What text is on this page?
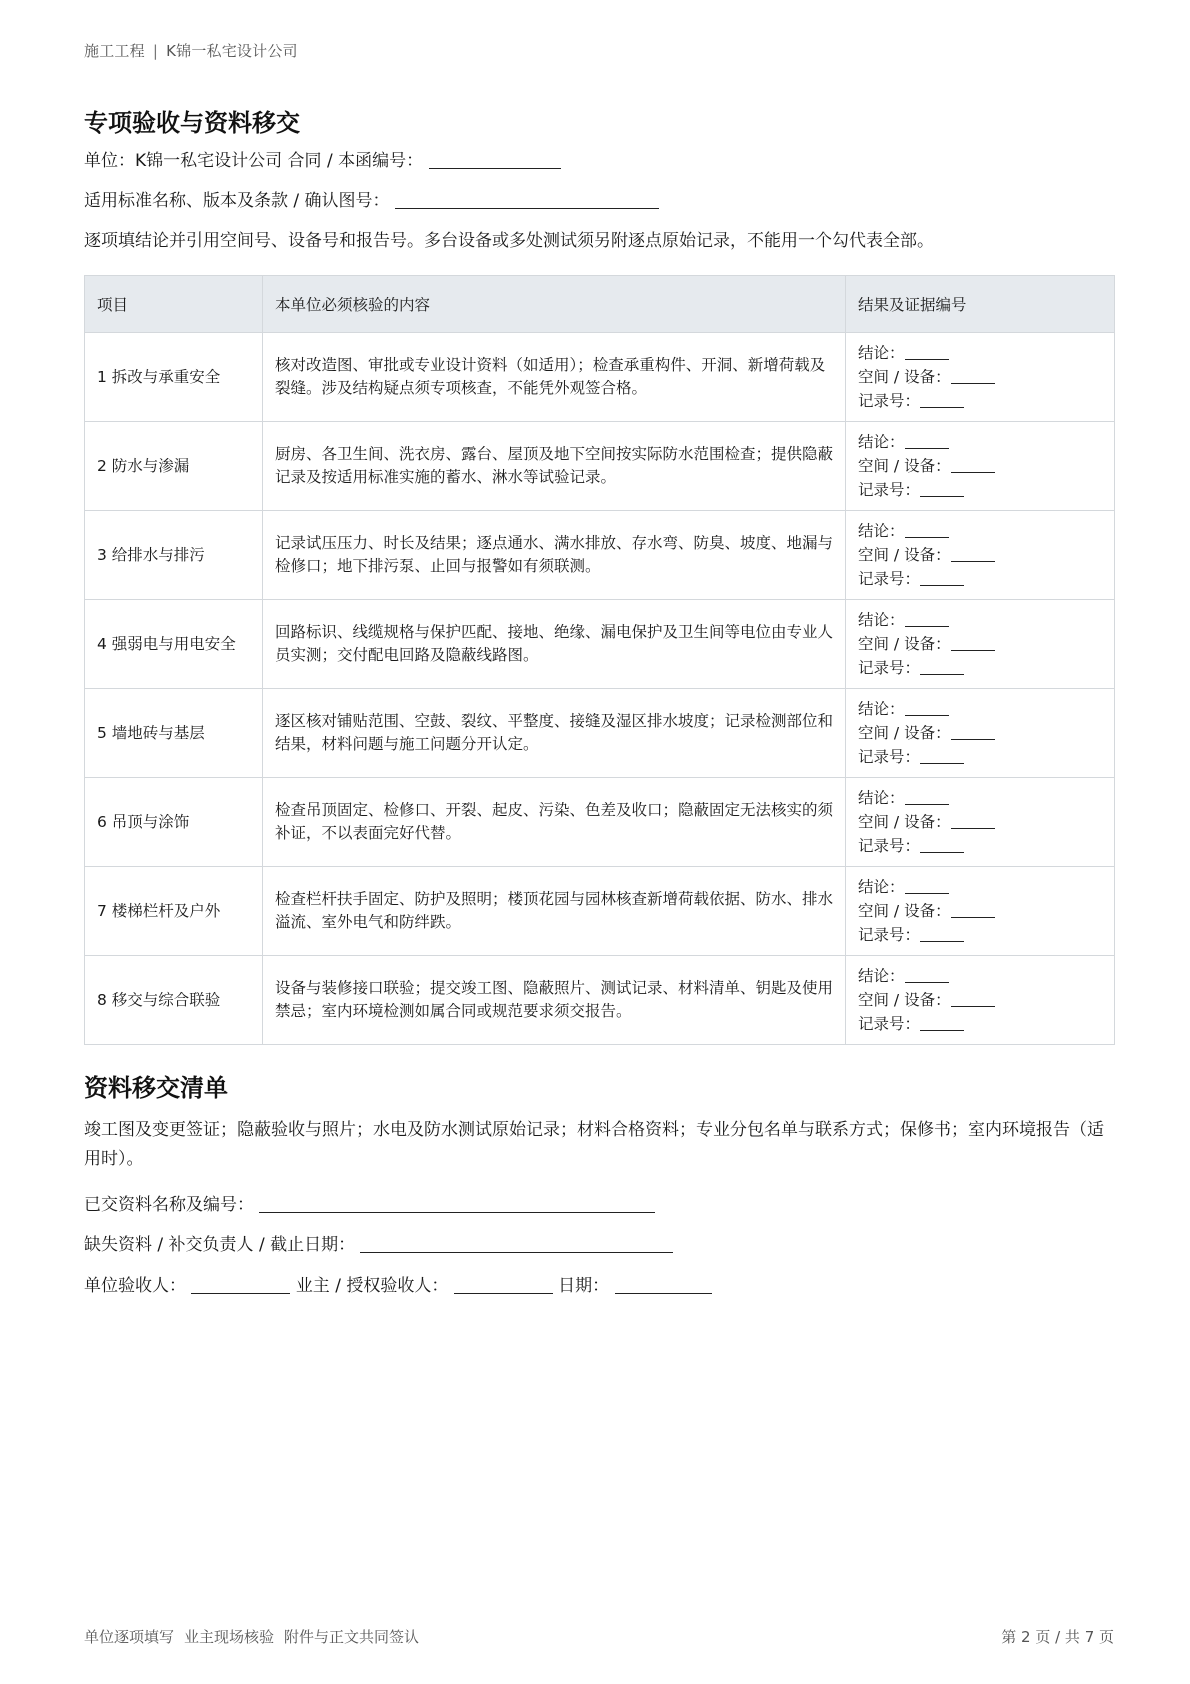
施工工程 | K锦一私宅设计公司
专项验收与资料移交
单位：K锦一私宅设计公司 合同 / 本函编号：
适用标准名称、版本及条款 / 确认图号：
逐项填结论并引用空间号、设备号和报告号。多台设备或多处测试须另附逐点原始记录，不能用一个勾代表全部。
项目	本单位必须核验的内容	结果及证据编号
1 拆改与承重安全	核对改造图、审批或专业设计资料（如适用）；检查承重构件、开洞、新增荷载及裂缝。涉及结构疑点须专项核查，不能凭外观签合格。	结论：
空间 / 设备：
记录号：

2 防水与渗漏	厨房、各卫生间、洗衣房、露台、屋顶及地下空间按实际防水范围检查；提供隐蔽记录及按适用标准实施的蓄水、淋水等试验记录。	结论：
空间 / 设备：
记录号：

3 给排水与排污	记录试压压力、时长及结果；逐点通水、满水排放、存水弯、防臭、坡度、地漏与检修口；地下排污泵、止回与报警如有须联测。	结论：
空间 / 设备：
记录号：

4 强弱电与用电安全	回路标识、线缆规格与保护匹配、接地、绝缘、漏电保护及卫生间等电位由专业人员实测；交付配电回路及隐蔽线路图。	结论：
空间 / 设备：
记录号：

5 墙地砖与基层	逐区核对铺贴范围、空鼓、裂纹、平整度、接缝及湿区排水坡度；记录检测部位和结果，材料问题与施工问题分开认定。	结论：
空间 / 设备：
记录号：

6 吊顶与涂饰	检查吊顶固定、检修口、开裂、起皮、污染、色差及收口；隐蔽固定无法核实的须补证，不以表面完好代替。	结论：
空间 / 设备：
记录号：

7 楼梯栏杆及户外	检查栏杆扶手固定、防护及照明；楼顶花园与园林核查新增荷载依据、防水、排水溢流、室外电气和防绊跌。	结论：
空间 / 设备：
记录号：

8 移交与综合联验	设备与装修接口联验；提交竣工图、隐蔽照片、测试记录、材料清单、钥匙及使用禁忌；室内环境检测如属合同或规范要求须交报告。	结论：
空间 / 设备：
记录号：
资料移交清单
竣工图及变更签证；隐蔽验收与照片；水电及防水测试原始记录；材料合格资料；专业分包名单与联系方式；保修书；室内环境报告（适用时）。
已交资料名称及编号：
缺失资料 / 补交负责人 / 截止日期：
单位验收人：	业主 / 授权验收人：	日期：
单位逐项填写 业主现场核验 附件与正文共同签认	第 2 页 / 共 7 页
